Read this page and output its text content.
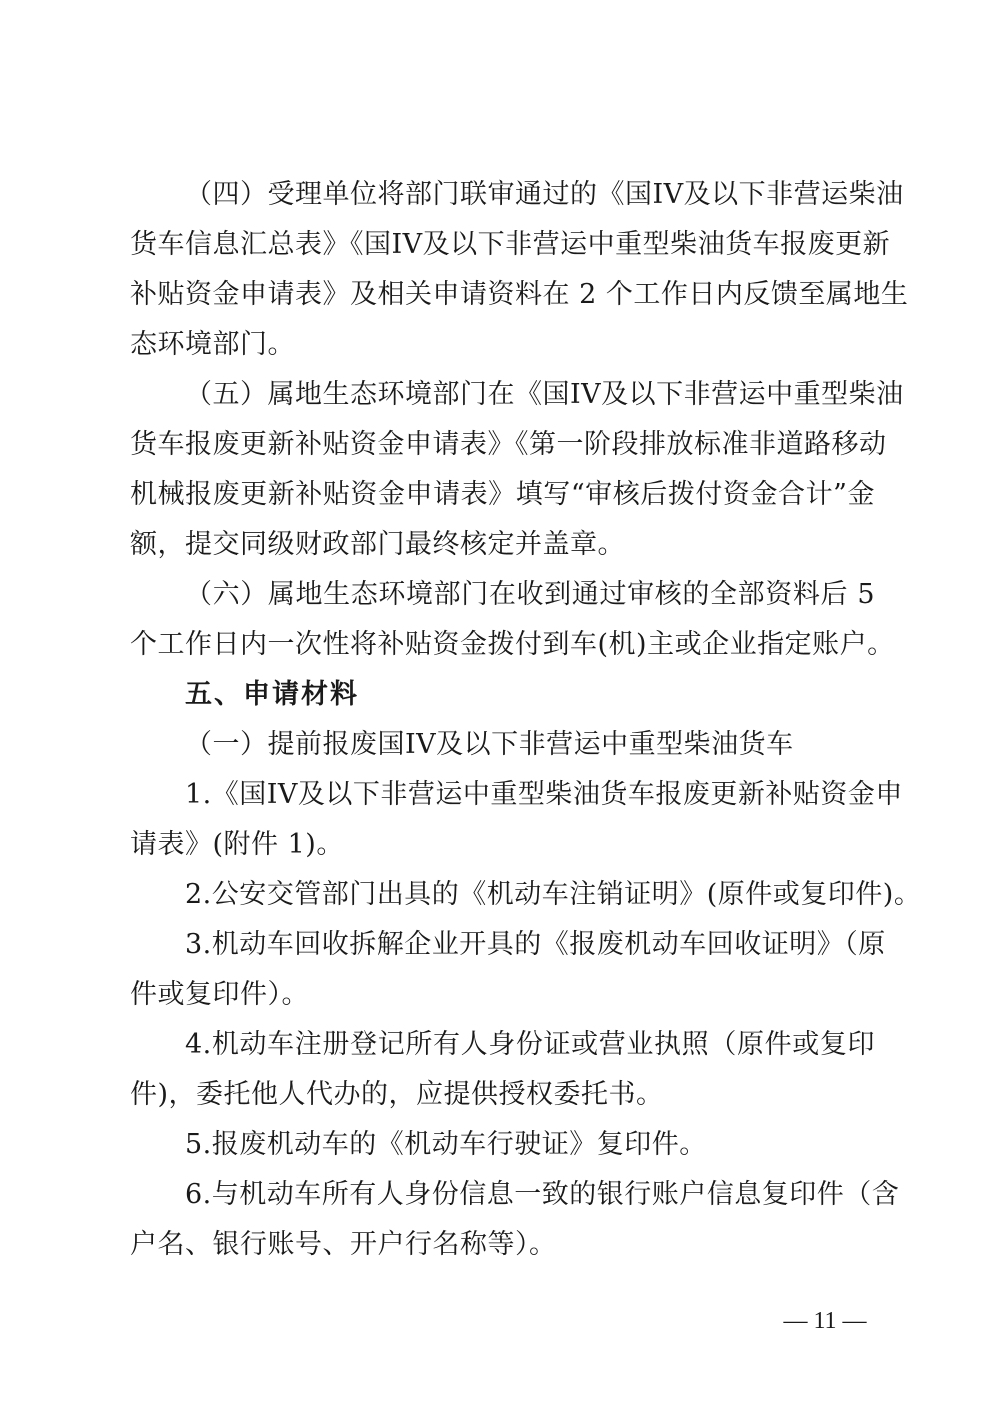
（四）受理单位将部门联审通过的《国IV及以下非营运柴油
货车信息汇总表》《国IV及以下非营运中重型柴油货车报废更新
补贴资金申请表》及相关申请资料在 2 个工作日内反馈至属地生
态环境部门。
（五）属地生态环境部门在《国IV及以下非营运中重型柴油
货车报废更新补贴资金申请表》《第一阶段排放标准非道路移动
机械报废更新补贴资金申请表》填写“审核后拨付资金合计”金
额，提交同级财政部门最终核定并盖章。
（六）属地生态环境部门在收到通过审核的全部资料后 5
个工作日内一次性将补贴资金拨付到车(机)主或企业指定账户。
五、申请材料
（一）提前报废国IV及以下非营运中重型柴油货车
1.《国IV及以下非营运中重型柴油货车报废更新补贴资金申
请表》(附件 1)。
2.公安交管部门出具的《机动车注销证明》(原件或复印件)。
3.机动车回收拆解企业开具的《报废机动车回收证明》（原
件或复印件）。
4.机动车注册登记所有人身份证或营业执照（原件或复印
件)，委托他人代办的，应提供授权委托书。
5.报废机动车的《机动车行驶证》复印件。
6.与机动车所有人身份信息一致的银行账户信息复印件（含
户名、银行账号、开户行名称等）。
— 11 —
